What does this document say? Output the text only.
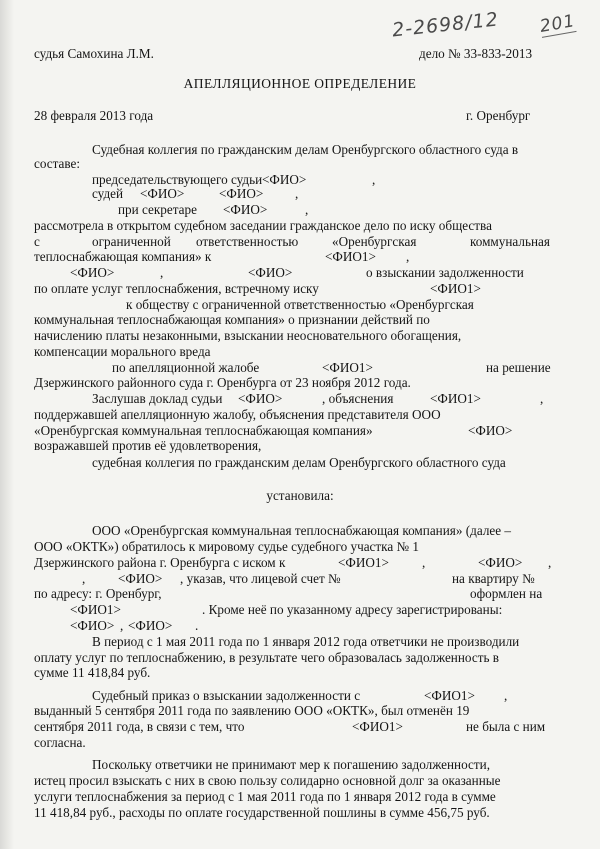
2-2698/12 201
судья Самохина Л.М.	дело № 33-833-2013
АПЕЛЛЯЦИОННОЕ ОПРЕДЕЛЕНИЕ
28 февраля 2013 года	г. Оренбург
Судебная коллегия по гражданским делам Оренбургского областного суда в
составе:
председательствующего судьи <ФИО>	,
судей <ФИО>	<ФИО> ,
при секретаре <ФИО>	,
рассмотрела в открытом судебном заседании гражданское дело по иску общества
с	ограниченной ответственностью	«Оренбургская	коммунальная
теплоснабжающая компания» к	<ФИО1> ,
<ФИО>	,	<ФИО>	о взыскании задолженности
по оплате услуг теплоснабжения, встречному иску	<ФИО1>
к обществу с ограниченной ответственностью «Оренбургская
коммунальная теплоснабжающая компания» о признании действий по
начислению платы незаконными, взыскании неосновательного обогащения,
компенсации морального вреда
по апелляционной жалобе	<ФИО1>	на решение
Дзержинского районного суда г. Оренбурга от 23 ноября 2012 года.
Заслушав доклад судьи <ФИО>	, объяснения	<ФИО1>	,
поддержавшей апелляционную жалобу, объяснения представителя ООО
«Оренбургская коммунальная теплоснабжающая компания»	<ФИО>
возражавшей против её удовлетворения,
судебная коллегия по гражданским делам Оренбургского областного суда
установила:
ООО «Оренбургская коммунальная теплоснабжающая компания» (далее –
ООО «ОКТК») обратилось к мировому судье судебного участка № 1
Дзержинского района г. Оренбурга с иском к	<ФИО1>	,	<ФИО> ,
, <ФИО> , указав, что лицевой счет №	на квартиру №
по адресу: г. Оренбург,	оформлен на
<ФИО1>	. Кроме неё по указанному адресу зарегистрированы:
<ФИО> , <ФИО> .
В период с 1 мая 2011 года по 1 января 2012 года ответчики не производили
оплату услуг по теплоснабжению, в результате чего образовалась задолженность в
сумме 11 418,84 руб.
Судебный приказ о взыскании задолженности с	<ФИО1> ,
выданный 5 сентября 2011 года по заявлению ООО «ОКТК», был отменён 19
сентября 2011 года, в связи с тем, что	<ФИО1>	не была с ним
согласна.
Поскольку ответчики не принимают мер к погашению задолженности,
истец просил взыскать с них в свою пользу солидарно основной долг за оказанные
услуги теплоснабжения за период с 1 мая 2011 года по 1 января 2012 года в сумме
11 418,84 руб., расходы по оплате государственной пошлины в сумме 456,75 руб.
